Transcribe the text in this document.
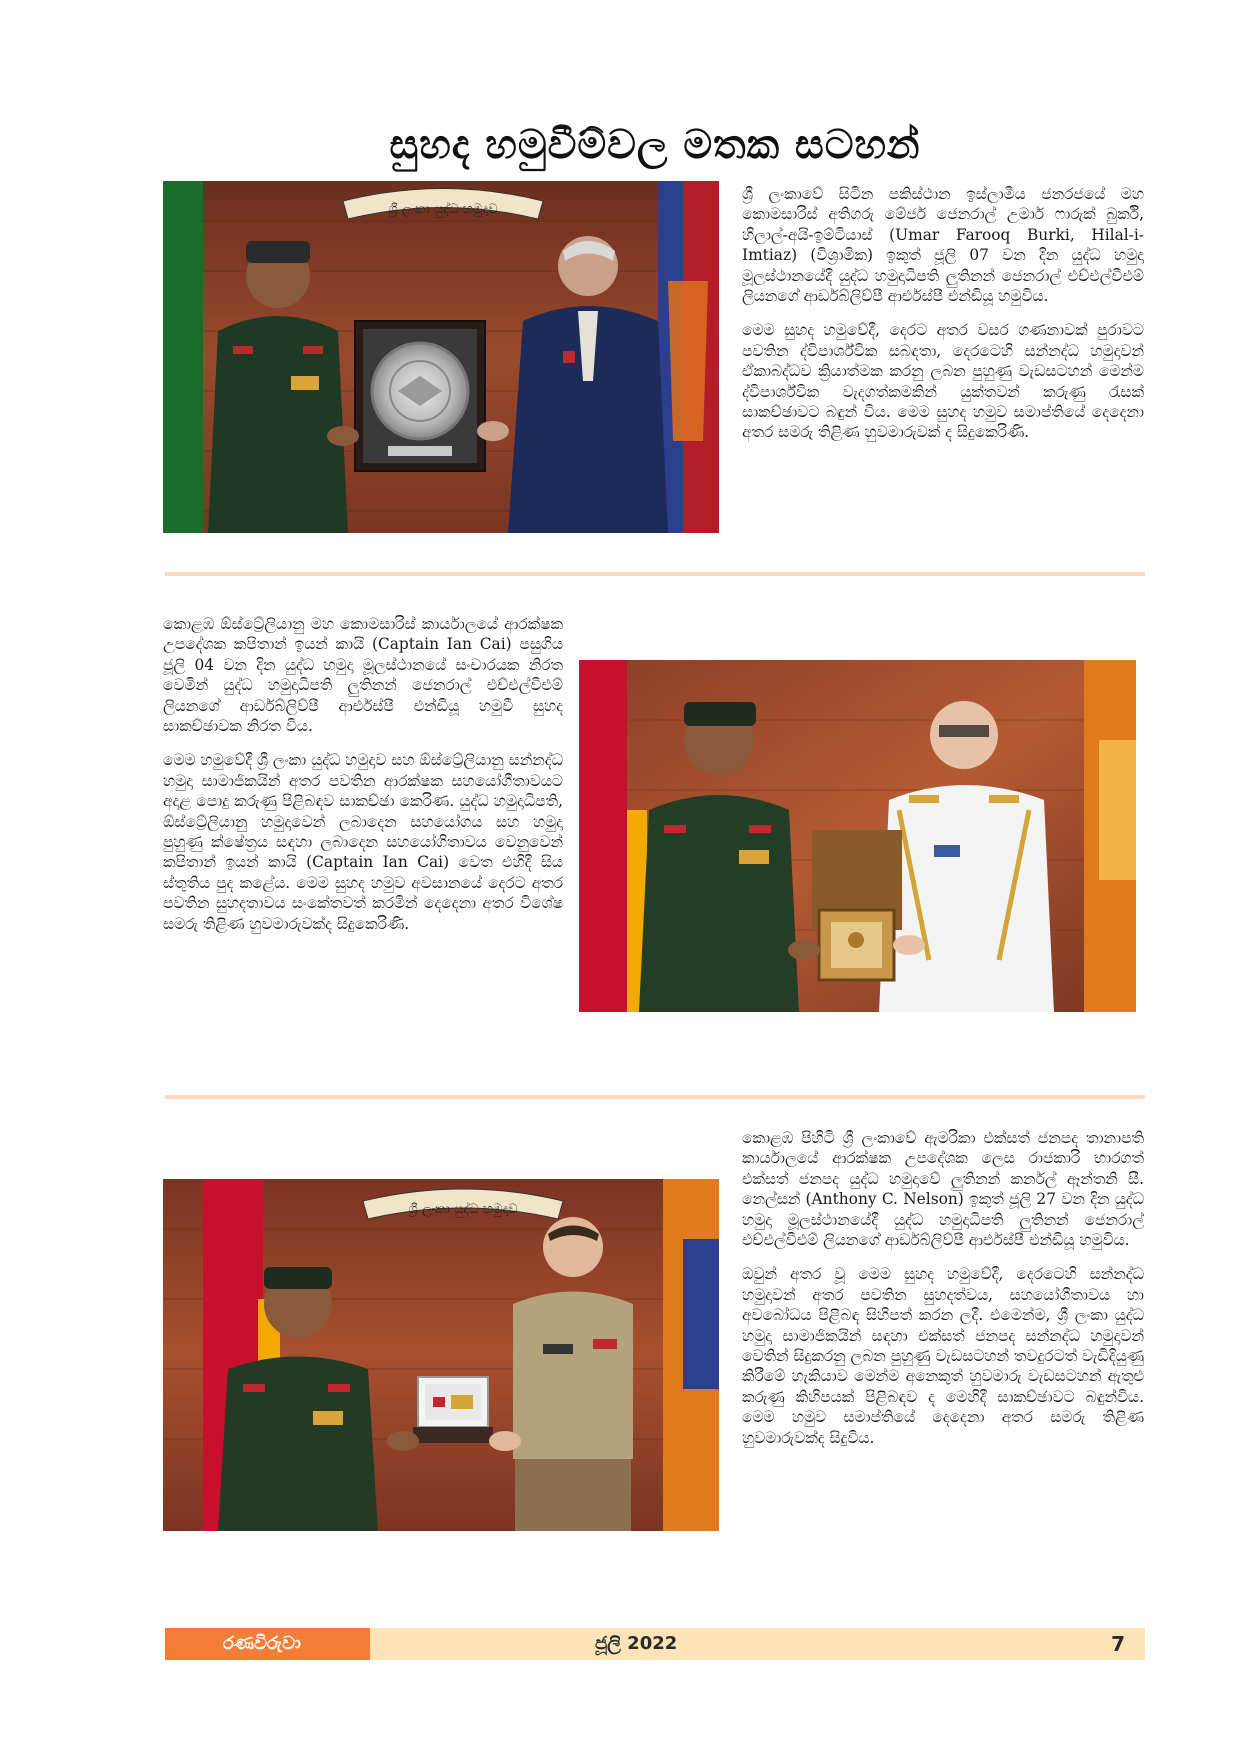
සුහද හමුවීම්වල මතක සටහන්
ශ්‍රී ලංකා යුද්ධ හමුදාව

ශ්‍රී ලංකාවේ සිටින පකිස්ථාන ඉස්ලාමීය ජනරජයේ මහ කොමසාරිස් අතිගරු මේජර් ජෙනරාල් උමාර් ෆාරුක් බුර්කි, හිලාල්-අයි-ඉම්ටියාස් (Umar Farooq Burki, Hilal-i-Imtiaz) (විශ්‍රාමික) ඉකුත් ජූලි 07 වන දින යුද්ධ හමුදා මූලස්ථානයේදී යුද්ධ හමුදාධිපති ලුතිනන් ජෙනරාල් එච්එල්වීඑම් ලියනගේ ආර්ඩබ්ලිව්පී ආර්එස්පී එන්ඩියූ හමුවිය.

මෙම සුහද හමුවේදී, දෙරට අතර වසර ගණනාවක් පුරාවට පවතින ද්විපාර්ශ්වික සබඳතා, දෙරටෙහි සන්නද්ධ හමුදාවන් ඒකාබද්ධව ක්‍රියාත්මක කරනු ලබන පුහුණු වැඩසටහන් මෙන්ම ද්විපාර්ශ්වික වැදගත්කමකින් යුක්තවන් කරුණු රැසක් සාකච්ඡාවට බඳුන් විය. මෙම සුහද හමුව සමාප්තියේ දෙදෙනා අතර සමරු තිළිණ හුවමාරුවක් ද සිදුකෙරිණි.

කොළඹ ඕස්ට්‍රේලියානු මහ කොමසාරිස් කාර්යාලයේ ආරක්ෂක උපදේශක කපිතාන් ඉයන් කායි (Captain Ian Cai) පසුගිය ජූලි 04 වන දින යුද්ධ හමුදා මූලස්ථානයේ සංචාරයක නිරත වෙමින් යුද්ධ හමුදාධිපති ලුතිනන් ජෙනරාල් එච්එල්වීඑම් ලියනගේ ආර්ඩබ්ලිව්පී ආර්එස්පී එන්ඩියූ හමුවී සුහද සාකච්ඡාවක නිරත විය.

මෙම හමුවේදී ශ්‍රී ලංකා යුද්ධ හමුදාව සහ ඕස්ට්‍රේලියානු සන්නද්ධ හමුදා සාමාජිකයින් අතර පවතින ආරක්ෂක සහයෝගීතාවයට අදාළ පොදු කරුණු පිළිබඳව සාකච්ඡා කෙරිණ. යුද්ධ හමුදාධිපති, ඕස්ට්‍රේලියානු හමුදාවෙන් ලබාදෙන සහයෝගය සහ හමුදා පුහුණු ක්ෂේත්‍රය සඳහා ලබාදෙන සහයෝගිතාවය වෙනුවෙන් කපිතාන් ඉයන් කායි (Captain Ian Cai) වෙත එහිදී සිය ස්තුතිය පුද කළේය. මෙම සුහද හමුව අවසානයේ දෙරට අතර පවතින සුහදතාවය සංකේතවත් කරමින් දෙදෙනා අතර විශේෂ සමරු තිළිණ හුවමාරුවක්ද සිදුකෙරිණි.

කොළඹ පිහිටි ශ්‍රී ලංකාවේ ඇමරිකා එක්සත් ජනපද තානාපති කාර්යාලයේ ආරක්ෂක උපදේශක ලෙස රාජකාරි භාරගත් එක්සත් ජනපද යුද්ධ හමුදාවේ ලුතිනන් කර්නල් ඈන්තනි සී. නෙල්සන් (Anthony C. Nelson) ඉකුත් ජූලි 27 වන දින යුද්ධ හමුදා මූලස්ථානයේදී යුද්ධ හමුදාධිපති ලුතිනන් ජෙනරාල් එච්එල්වීඑම් ලියනගේ ආර්ඩබ්ලිව්පී ආර්එස්පී එන්ඩියූ හමුවිය.

ඔවුන් අතර වූ මෙම සුහද හමුවේදී, දෙරටෙහි සන්නද්ධ හමුදාවන් අතර පවතින සුහදත්වය, සහයෝගීතාවය හා අවබෝධය පිළිබඳ සිහිපත් කරන ලදී. එමෙන්ම, ශ්‍රී ලංකා යුද්ධ හමුදා සාමාජිකයින් සඳහා එක්සත් ජනපද සන්නද්ධ හමුදාවන් වෙතින් සිදුකරනු ලබන පුහුණු වැඩසටහන් තවදුරටත් වැඩිදියුණු කිරීමේ හැකියාව මෙන්ම අනෙකුත් හුවමාරු වැඩසටහන් ඇතුළු කරුණු කිහිපයක් පිළිබඳව ද මෙහිදී සාකච්ඡාවට බඳුන්විය. මෙම හමුව සමාප්තියේ දෙදෙනා අතර සමරු තිළිණ හුවමාරුවක්ද සිදුවිය.

ශ්‍රී ලංකා යුද්ධ හමුදාව
රණවිරුවා	ජූලි 2022	7
